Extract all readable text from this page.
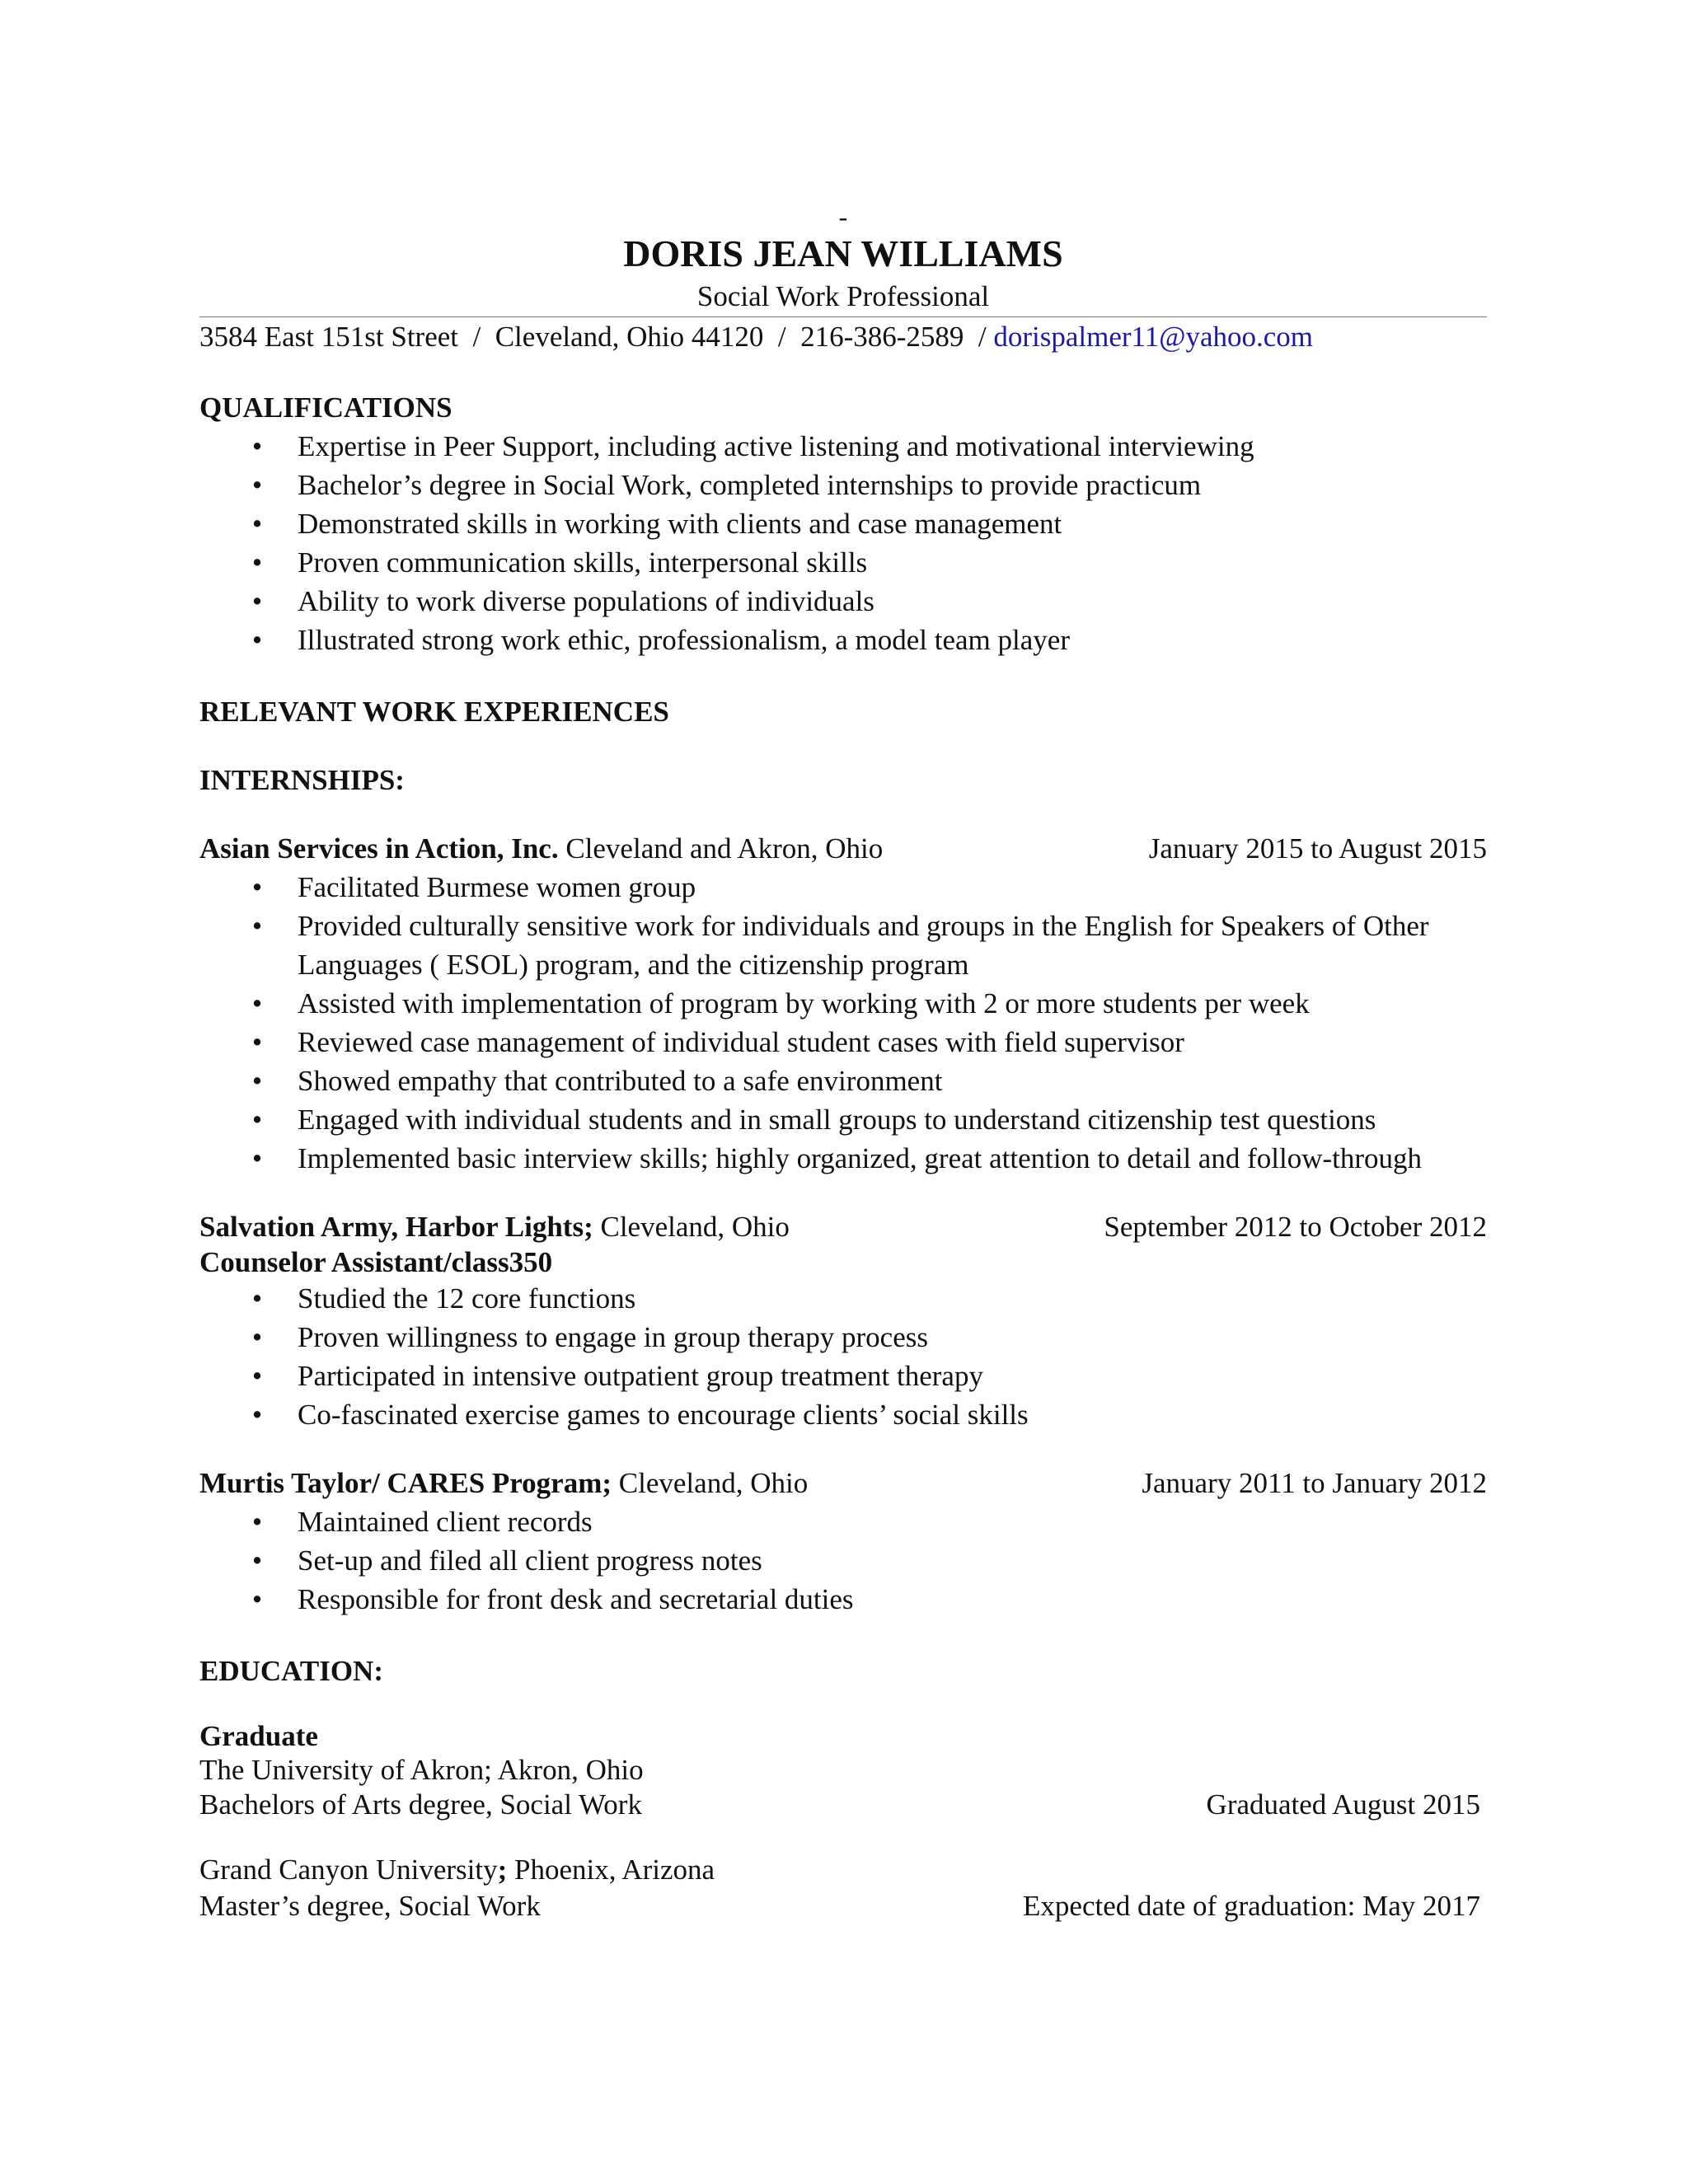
-
DORIS JEAN WILLIAMS
Social Work Professional
3584 East 151st Street  /  Cleveland, Ohio 44120  /  216-386-2589  / dorispalmer11@yahoo.com
QUALIFICATIONS
• Expertise in Peer Support, including active listening and motivational interviewing
• Bachelor’s degree in Social Work, completed internships to provide practicum
• Demonstrated skills in working with clients and case management
• Proven communication skills, interpersonal skills
• Ability to work diverse populations of individuals
• Illustrated strong work ethic, professionalism, a model team player
RELEVANT WORK EXPERIENCES
INTERNSHIPS:
Asian Services in Action, Inc. Cleveland and Akron, Ohio	January 2015 to August 2015
• Facilitated Burmese women group
• Provided culturally sensitive work for individuals and groups in the English for Speakers of Other Languages ( ESOL) program, and the citizenship program
• Assisted with implementation of program by working with 2 or more students per week
• Reviewed case management of individual student cases with field supervisor
• Showed empathy that contributed to a safe environment
• Engaged with individual students and in small groups to understand citizenship test questions
• Implemented basic interview skills; highly organized, great attention to detail and follow-through
Salvation Army, Harbor Lights; Cleveland, Ohio	September 2012 to October 2012
Counselor Assistant/class350
• Studied the 12 core functions
• Proven willingness to engage in group therapy process
• Participated in intensive outpatient group treatment therapy
• Co-fascinated exercise games to encourage clients’ social skills
Murtis Taylor/ CARES Program; Cleveland, Ohio	January 2011 to January 2012
• Maintained client records
• Set-up and filed all client progress notes
• Responsible for front desk and secretarial duties
EDUCATION:
Graduate
The University of Akron; Akron, Ohio
Bachelors of Arts degree, Social Work	Graduated August 2015
Grand Canyon University; Phoenix, Arizona
Master’s degree, Social Work	Expected date of graduation: May 2017
